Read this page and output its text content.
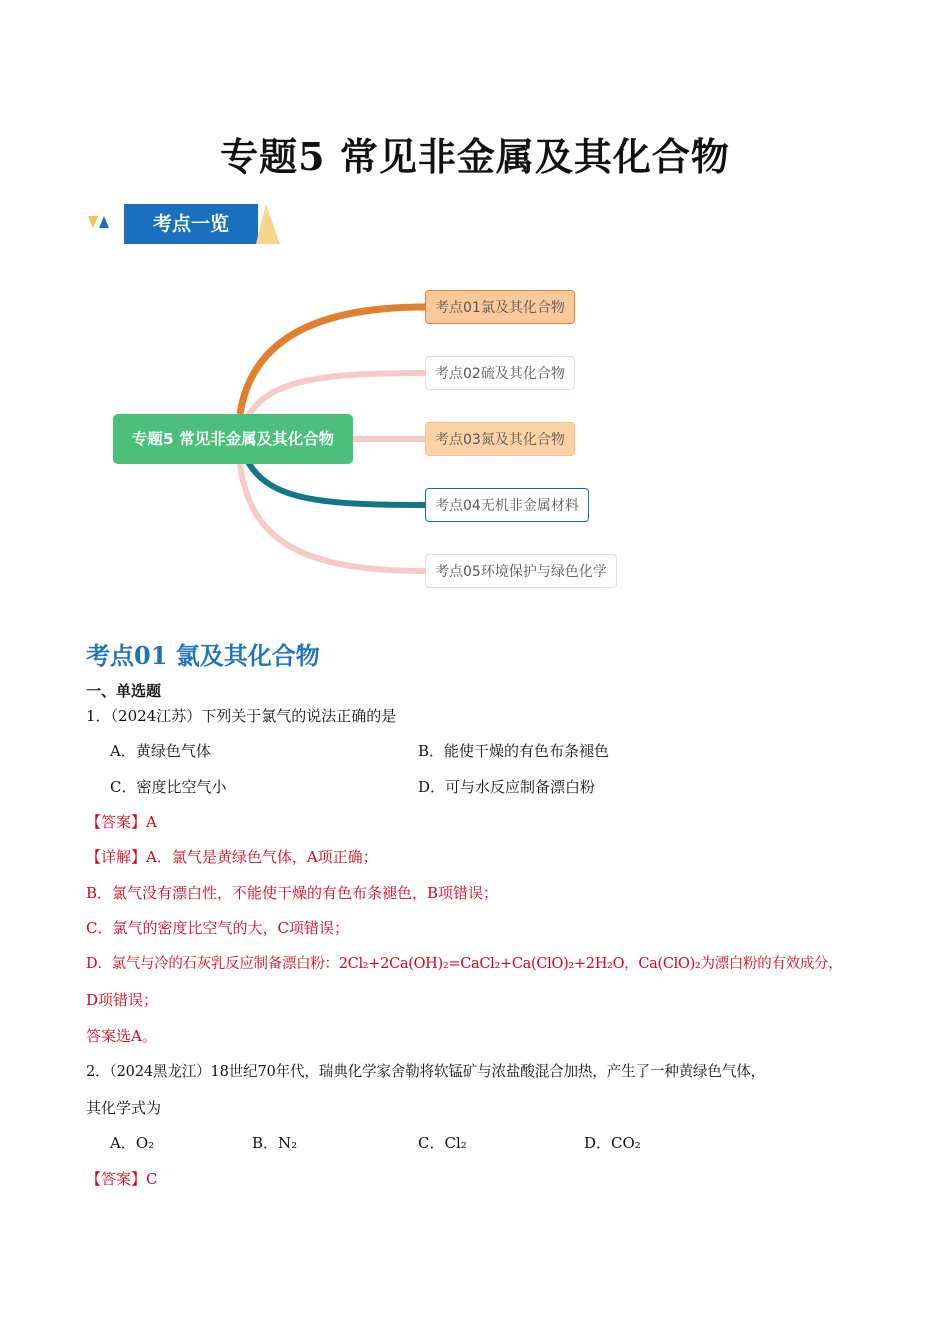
专题5 常见非金属及其化合物
考点一览
专题5 常见非金属及其化合物
考点01氯及其化合物
考点02硫及其化合物
考点03氮及其化合物
考点04无机非金属材料
考点05环境保护与绿色化学
考点01 氯及其化合物
一、单选题
1．（2024江苏）下列关于氯气的说法正确的是
A．黄绿色气体	B．能使干燥的有色布条褪色
C．密度比空气小	D．可与水反应制备漂白粉
【答案】A
【详解】A．氯气是黄绿色气体，A项正确；
B．氯气没有漂白性，不能使干燥的有色布条褪色，B项错误；
C．氯气的密度比空气的大，C项错误；
D．氯气与冷的石灰乳反应制备漂白粉：2Cl₂+2Ca(OH)₂=CaCl₂+Ca(ClO)₂+2H₂O，Ca(ClO)₂为漂白粉的有效成分，
D项错误；
答案选A。
2．（2024黑龙江）18世纪70年代，瑞典化学家舍勒将软锰矿与浓盐酸混合加热，产生了一种黄绿色气体，
其化学式为
A．O₂	B．N₂	C．Cl₂	D．CO₂
【答案】C
